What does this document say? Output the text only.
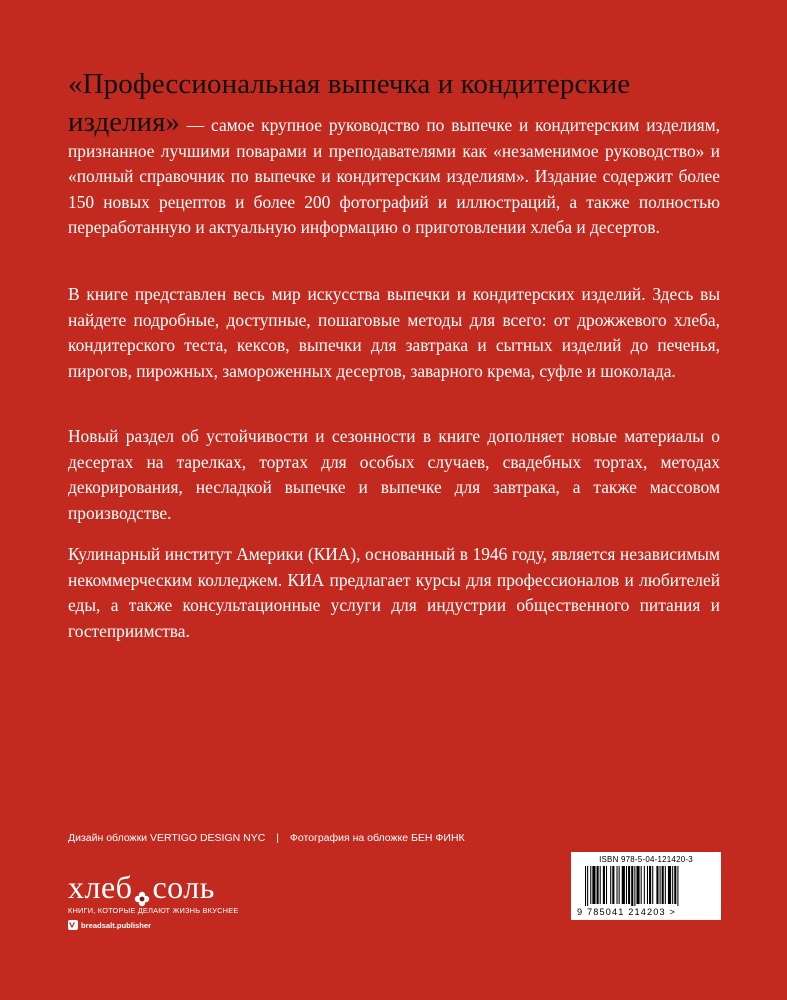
«Профессиональная выпечка и кондитерские
изделия» — самое крупное руководство по выпечке и кондитерским изделиям, признанное лучшими поварами и преподавателями как «незаменимое руководство» и «полный справочник по выпечке и кондитерским изделиям». Издание содержит более 150 новых рецептов и более 200 фотографий и иллюстраций, а также полностью переработанную и актуальную информацию о приготовлении хлеба и десертов.
В книге представлен весь мир искусства выпечки и кондитерских изделий. Здесь вы найдете подробные, доступные, пошаговые методы для всего: от дрожжевого хлеба, кондитерского теста, кексов, выпечки для завтрака и сытных изделий до печенья, пирогов, пирожных, замороженных десертов, заварного крема, суфле и шоколада.
Новый раздел об устойчивости и сезонности в книге дополняет новые материалы о десертах на тарелках, тортах для особых случаев, свадебных тортах, методах декорирования, несладкой выпечке и выпечке для завтрака, а также массовом производстве.
Кулинарный институт Америки (КИА), основанный в 1946 году, является независимым некоммерческим колледжем. КИА предлагает курсы для профессионалов и любителей еды, а также консультационные услуги для индустрии общественного питания и гостеприимства.
Дизайн обложки VERTIGO DESIGN NYC | Фотография на обложке БЕН ФИНК
хлеб соль
КНИГИ, КОТОРЫЕ ДЕЛАЮТ ЖИЗНЬ ВКУСНЕЕ
breadsalt.publisher
ISBN 978-5-04-121420-3
9 785041 214203 >
